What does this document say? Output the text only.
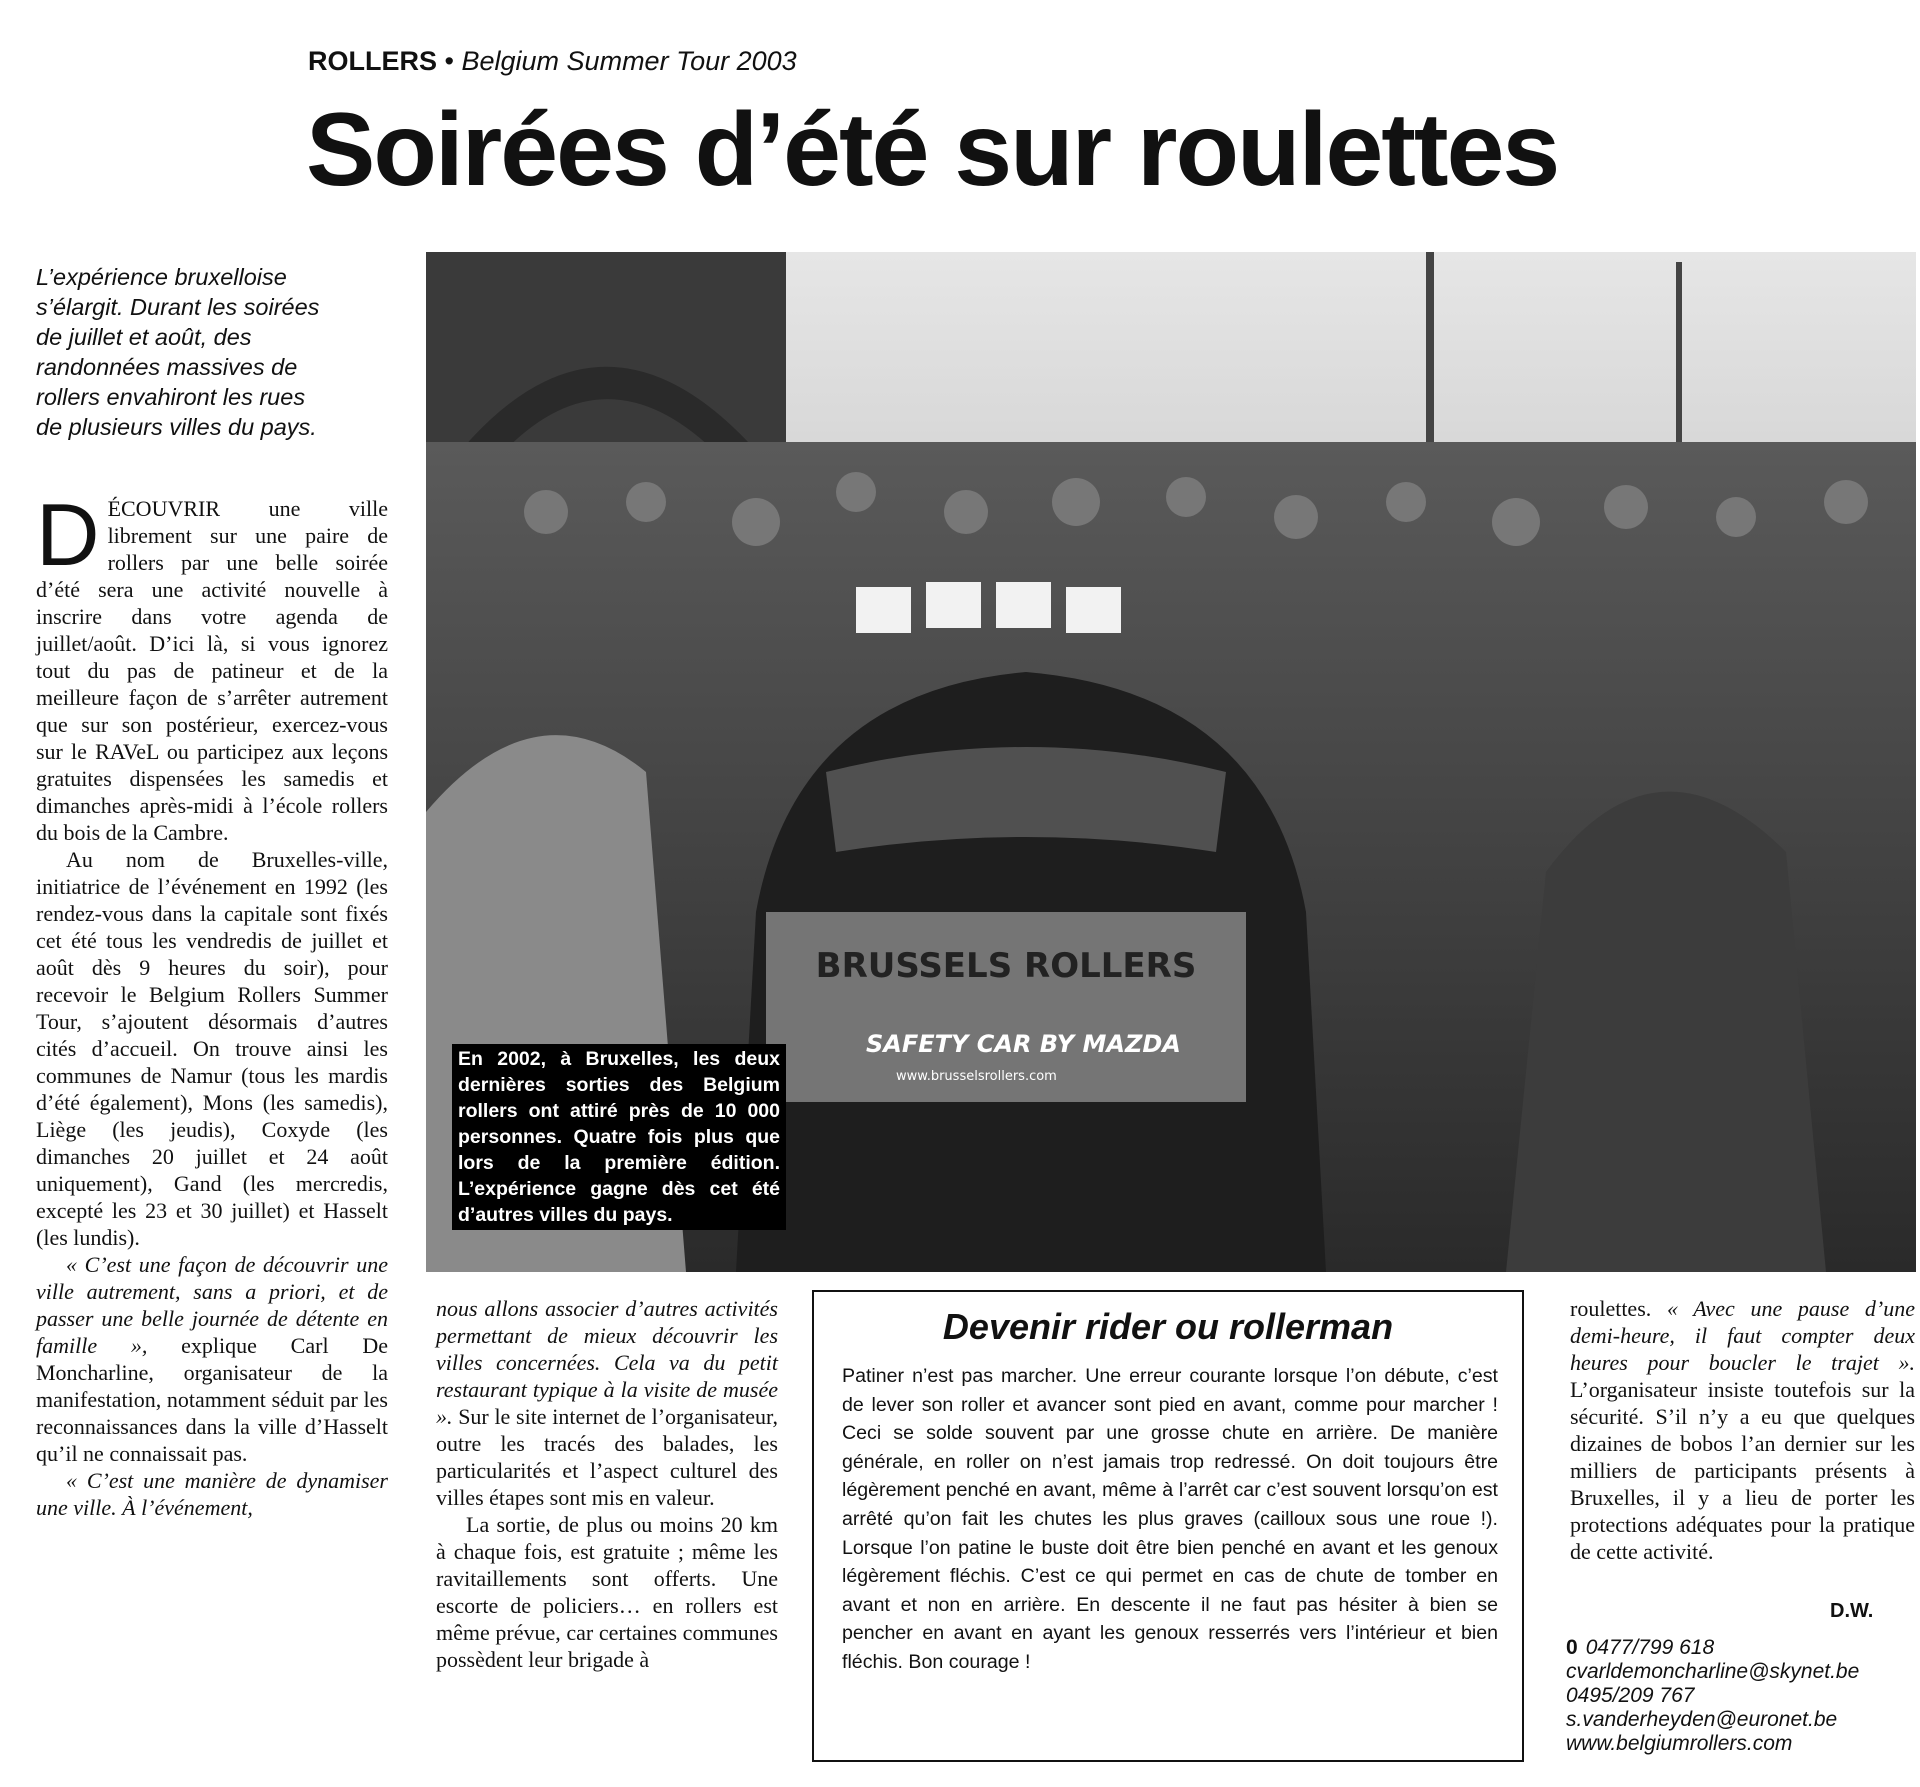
ROLLERS • Belgium Summer Tour 2003
Soirées d’été sur roulettes
L’expérience bruxelloise s’élargit. Durant les soirées de juillet et août, des randonnées massives de rollers envahiront les rues de plusieurs villes du pays.

DÉCOUVRIR une ville librement sur une paire de rollers par une belle soirée d’été sera une activité nouvelle à inscrire dans votre agenda de juillet/août. D’ici là, si vous ignorez tout du pas de patineur et de la meilleure façon de s’arrêter autrement que sur son postérieur, exercez-vous sur le RAVeL ou participez aux leçons gratuites dispensées les samedis et dimanches après-midi à l’école rollers du bois de la Cambre.

Au nom de Bruxelles-ville, initiatrice de l’événement en 1992 (les rendez-vous dans la capitale sont fixés cet été tous les vendredis de juillet et août dès 9 heures du soir), pour recevoir le Belgium Rollers Summer Tour, s’ajoutent désormais d’autres cités d’accueil. On trouve ainsi les communes de Namur (tous les mardis d’été également), Mons (les samedis), Liège (les jeudis), Coxyde (les dimanches 20 juillet et 24 août uniquement), Gand (les mercredis, excepté les 23 et 30 juillet) et Hasselt (les lundis).

« C’est une façon de découvrir une ville autrement, sans a priori, et de passer une belle journée de détente en famille », explique Carl De Moncharline, organisateur de la manifestation, notamment séduit par les reconnaissances dans la ville d’Hasselt qu’il ne connaissait pas.

« C’est une manière de dynamiser une ville. À l’événement,

BRUSSELS ROLLERS
SAFETY CAR BY MAZDA
www.brusselsrollers.com
En 2002, à Bruxelles, les deux dernières sorties des Belgium rollers ont attiré près de 10 000 personnes. Quatre fois plus que lors de la première édition. L’expérience gagne dès cet été d’autres villes du pays.

nous allons associer d’autres activités permettant de mieux découvrir les villes concernées. Cela va du petit restaurant typique à la visite de musée ». Sur le site internet de l’organisateur, outre les tracés des balades, les particularités et l’aspect culturel des villes étapes sont mis en valeur.

La sortie, de plus ou moins 20 km à chaque fois, est gratuite ; même les ravitaillements sont offerts. Une escorte de policiers… en rollers est même prévue, car certaines communes possèdent leur brigade à

Devenir rider ou rollerman
Patiner n’est pas marcher. Une erreur courante lorsque l’on débute, c’est de lever son roller et avancer sont pied en avant, comme pour marcher ! Ceci se solde souvent par une grosse chute en arrière. De manière générale, en roller on n’est jamais trop redressé. On doit toujours être légèrement penché en avant, même à l’arrêt car c’est souvent lorsqu’on est arrêté qu’on fait les chutes les plus graves (cailloux sous une roue !). Lorsque l’on patine le buste doit être bien penché en avant et les genoux légèrement fléchis. C’est ce qui permet en cas de chute de tomber en avant et non en arrière. En descente il ne faut pas hésiter à bien se pencher en avant en ayant les genoux resserrés vers l’intérieur et bien fléchis. Bon courage !

roulettes. « Avec une pause d’une demi-heure, il faut compter deux heures pour boucler le trajet ». L’organisateur insiste toutefois sur la sécurité. S’il n’y a eu que quelques dizaines de bobos l’an dernier sur les milliers de participants présents à Bruxelles, il y a lieu de porter les protections adéquates pour la pratique de cette activité.

D.W.
0 0477/799 618
cvarldemoncharline@skynet.be
0495/209 767
s.vanderheyden@euronet.be
www.belgiumrollers.com
